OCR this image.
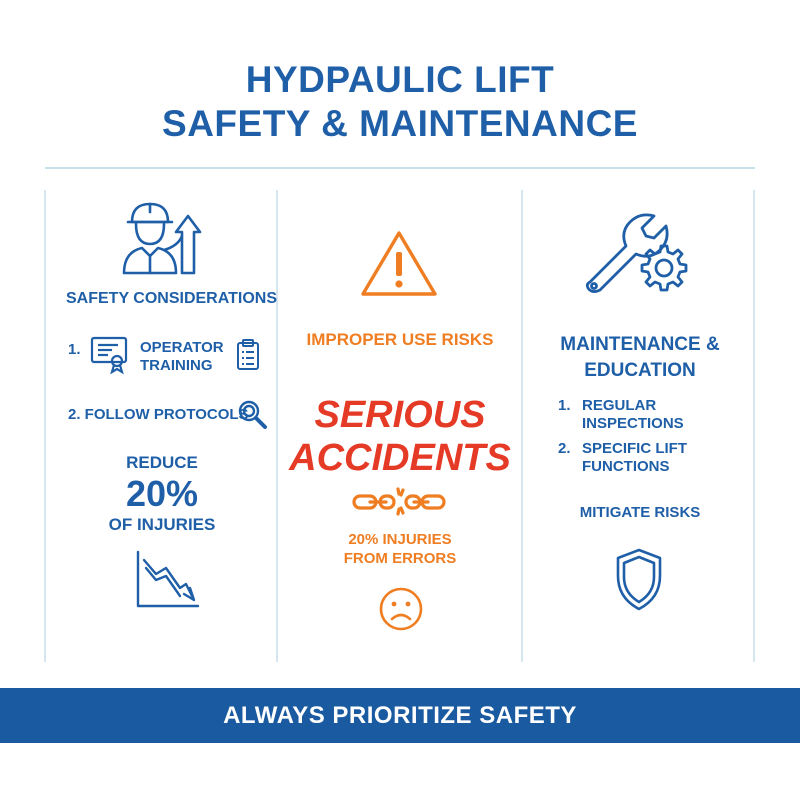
HYDPAULIC LIFT
SAFETY & MAINTENANCE
SAFETY CONSIDERATIONS
1.	OPERATOR
TRAINING
2. FOLLOW PROTOCOLS
REDUCE
20%
OF INJURIES
IMPROPER USE RISKS
SERIOUS
ACCIDENTS
20% INJURIES
FROM ERRORS
MAINTENANCE &
EDUCATION
1. REGULAR
INSPECTIONS
2. SPECIFIC LIFT
FUNCTIONS
MITIGATE RISKS
ALWAYS PRIORITIZE SAFETY
